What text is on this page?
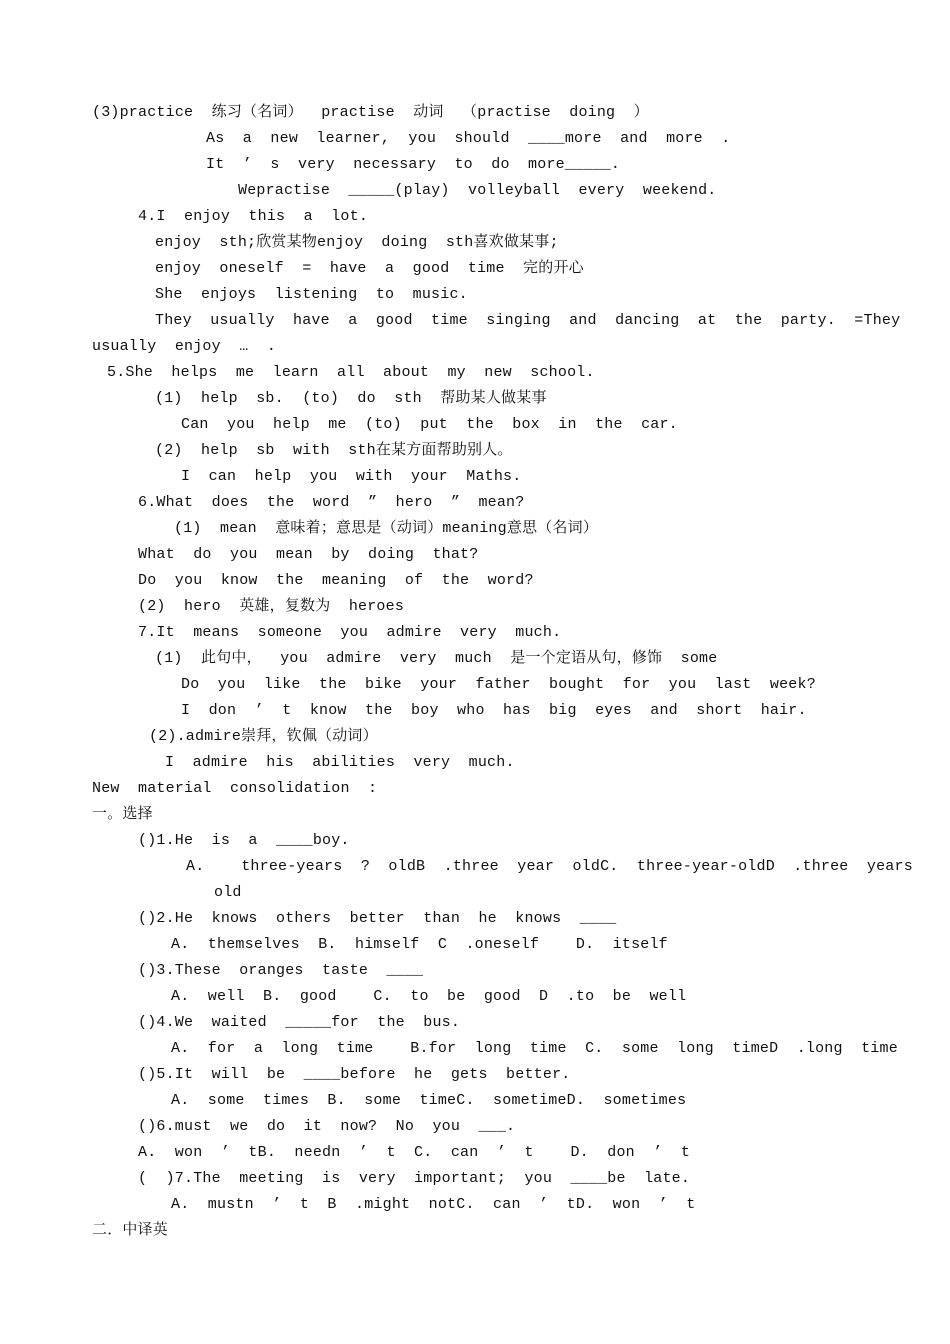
(3)practice  练习（名词）  practise  动词  （practise  doing  ）
As  a  new  learner,  you  should  ____more  and  more  .
It  ’  s  very  necessary  to  do  more_____.
Wepractise  _____(play)  volleyball  every  weekend.
4.I  enjoy  this  a  lot.
enjoy  sth;欣赏某物enjoy  doing  sth喜欢做某事;
enjoy  oneself  =  have  a  good  time  完的开心
She  enjoys  listening  to  music.
They  usually  have  a  good  time  singing  and  dancing  at  the  party.  =They
usually  enjoy  …  .
5.She  helps  me  learn  all  about  my  new  school.
(1)  help  sb.  (to)  do  sth  帮助某人做某事
Can  you  help  me  (to)  put  the  box  in  the  car.
(2)  help  sb  with  sth在某方面帮助别人。
I  can  help  you  with  your  Maths.
6.What  does  the  word  ”  hero  ”  mean?
(1)  mean  意味着；意思是（动词）meaning意思（名词）
What  do  you  mean  by  doing  that?
Do  you  know  the  meaning  of  the  word?
(2)  hero  英雄，复数为  heroes
7.It  means  someone  you  admire  very  much.
(1)  此句中，  you  admire  very  much  是一个定语从句，修饰  some
Do  you  like  the  bike  your  father  bought  for  you  last  week?
I  don  ’  t  know  the  boy  who  has  big  eyes  and  short  hair.
(2).admire崇拜，钦佩（动词）
I  admire  his  abilities  very  much.
New  material  consolidation  :
一。选择
()1.He  is  a  ____boy.
A.    three-years  ?  oldB  .three  year  oldC.  three-year-oldD  .three  years
old
()2.He  knows  others  better  than  he  knows  ____
A.  themselves  B.  himself  C  .oneself    D.  itself
()3.These  oranges  taste  ____
A.  well  B.  good    C.  to  be  good  D  .to  be  well
()4.We  waited  _____for  the  bus.
A.  for  a  long  time    B.for  long  time  C.  some  long  timeD  .long  time
()5.It  will  be  ____before  he  gets  better.
A.  some  times  B.  some  timeC.  sometimeD.  sometimes
()6.must  we  do  it  now?  No  you  ___.
A.  won  ’  tB.  needn  ’  t  C.  can  ’  t    D.  don  ’  t
(  )7.The  meeting  is  very  important;  you  ____be  late.
A.  mustn  ’  t  B  .might  notC.  can  ’  tD.  won  ’  t
二．中译英
